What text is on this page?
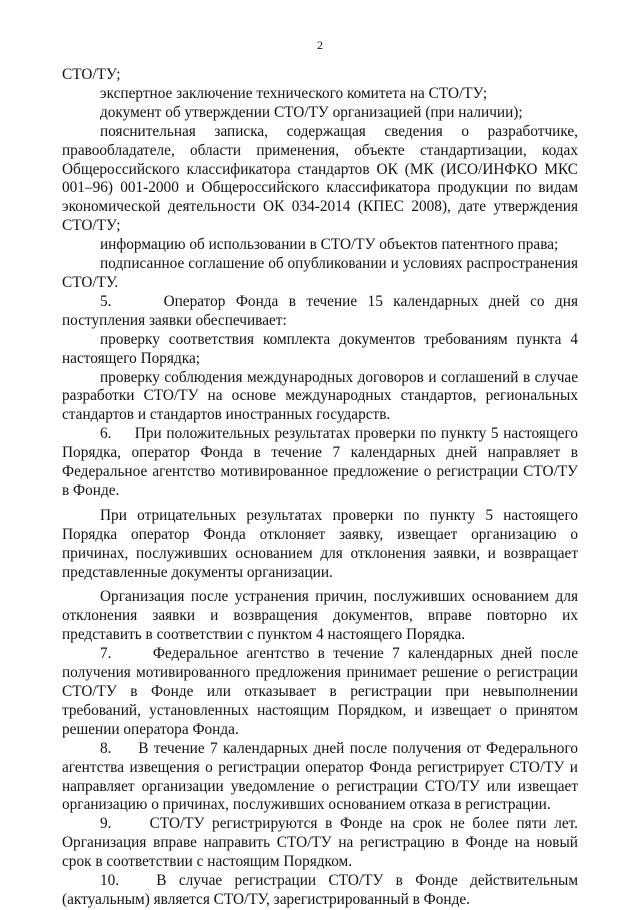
2

СТО/ТУ;

экспертное заключение технического комитета на СТО/ТУ;

документ об утверждении СТО/ТУ организацией (при наличии);

пояснительная записка, содержащая сведения о разработчике, правообладателе, области применения, объекте стандартизации, кодах Общероссийского классификатора стандартов ОК (МК (ИСО/ИНФКО МКС 001–96) 001-2000 и Общероссийского классификатора продукции по видам экономической деятельности ОК 034-2014 (КПЕС 2008), дате утверждения СТО/ТУ;

информацию об использовании в СТО/ТУ объектов патентного права;

подписанное соглашение об опубликовании и условиях распространения СТО/ТУ.

5.     Оператор Фонда в течение 15 календарных дней со дня поступления заявки обеспечивает:

проверку соответствия комплекта документов требованиям пункта 4 настоящего Порядка;

проверку соблюдения международных договоров и соглашений в случае разработки СТО/ТУ на основе международных стандартов, региональных стандартов и стандартов иностранных государств.

6.     При положительных результатах проверки по пункту 5 настоящего Порядка, оператор Фонда в течение 7 календарных дней направляет в Федеральное агентство мотивированное предложение о регистрации СТО/ТУ в Фонде.

При отрицательных результатах проверки по пункту 5 настоящего Порядка оператор Фонда отклоняет заявку, извещает организацию о причинах, послуживших основанием для отклонения заявки, и возвращает представленные документы организации.

Организация после устранения причин, послуживших основанием для отклонения заявки и возвращения документов, вправе повторно их представить в соответствии с пунктом 4 настоящего Порядка.

7.     Федеральное агентство в течение 7 календарных дней после получения мотивированного предложения принимает решение о регистрации СТО/ТУ в Фонде или отказывает в регистрации при невыполнении требований, установленных настоящим Порядком, и извещает о принятом решении оператора Фонда.

8.     В течение 7 календарных дней после получения от Федерального агентства извещения о регистрации оператор Фонда регистрирует СТО/ТУ и направляет организации уведомление о регистрации СТО/ТУ или извещает организацию о причинах, послуживших основанием отказа в регистрации.

9.     СТО/ТУ регистрируются в Фонде на срок не более пяти лет. Организация вправе направить СТО/ТУ на регистрацию в Фонде на новый срок в соответствии с настоящим Порядком.

10.   В случае регистрации СТО/ТУ в Фонде действительным (актуальным) является СТО/ТУ, зарегистрированный в Фонде.
